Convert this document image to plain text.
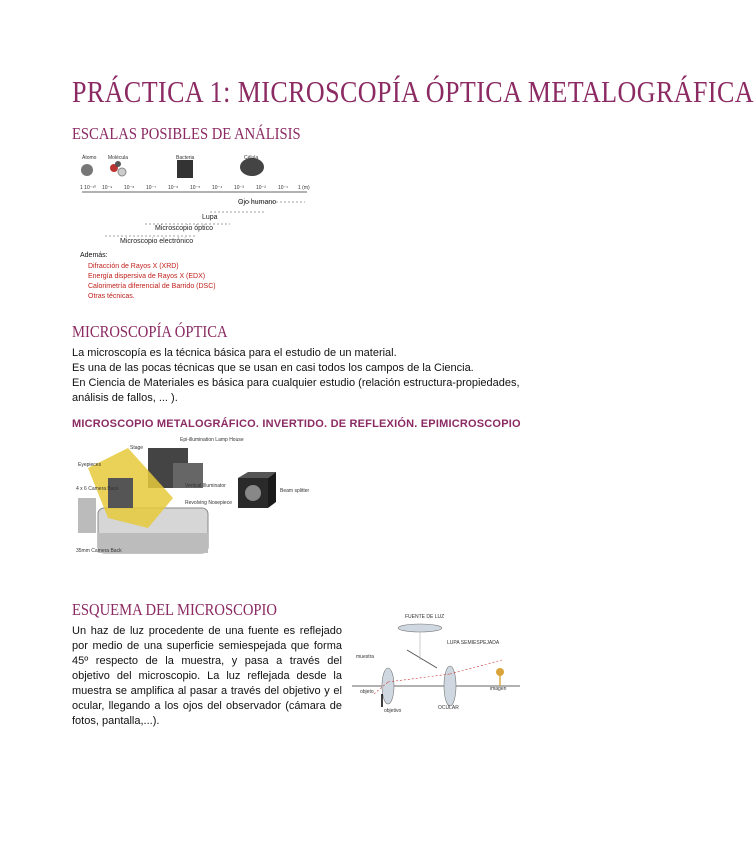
PRÁCTICA 1: MICROSCOPÍA ÓPTICA METALOGRÁFICA
ESCALAS POSIBLES DE ANÁLISIS
Átomo Molécula	Bacteria	Célula
1 10⁻¹⁰ 10⁻⁹ 10⁻⁸ 10⁻⁷ 10⁻⁶ 10⁻⁵ 10⁻⁴ 10⁻³ 10⁻² 10⁻¹ 1 (m)
Ojo humano
Lupa
Microscopio óptico
Microscopio electrónico
Además:
Difracción de Rayos X (XRD)
Energía dispersiva de Rayos X (EDX)
Calorimetría diferencial de Barrido (DSC)
Otras técnicas.
MICROSCOPÍA ÓPTICA
La microscopía es la técnica básica para el estudio de un material.
Es una de las pocas técnicas que se usan en casi todos los campos de la Ciencia.
En Ciencia de Materiales es básica para cualquier estudio (relación estructura-propiedades, análisis de fallos, ... ).
MICROSCOPIO METALOGRÁFICO. INVERTIDO. DE REFLEXIÓN. EPIMICROSCOPIO
Stage
Epi-illumination Lamp House
Eyepieces
4 x 6 Camera Back	Vertical Illuminator
Revolving Nosepiece
35mm Camera Back
Beam splitter
ESQUEMA DEL MICROSCOPIO
Un haz de luz procedente de una fuente es reflejado por medio de una superficie semiespejada que forma 45º respecto de la muestra, y pasa a través del objetivo del microscopio. La luz reflejada desde la muestra se amplifica al pasar a través del objetivo y el ocular, llegando a los ojos del observador (cámara de fotos, pantalla,...).
FUENTE DE LUZ
LUPA SEMIESPEJADA
muestra
objeto
objetivo	OCULAR
imagen
